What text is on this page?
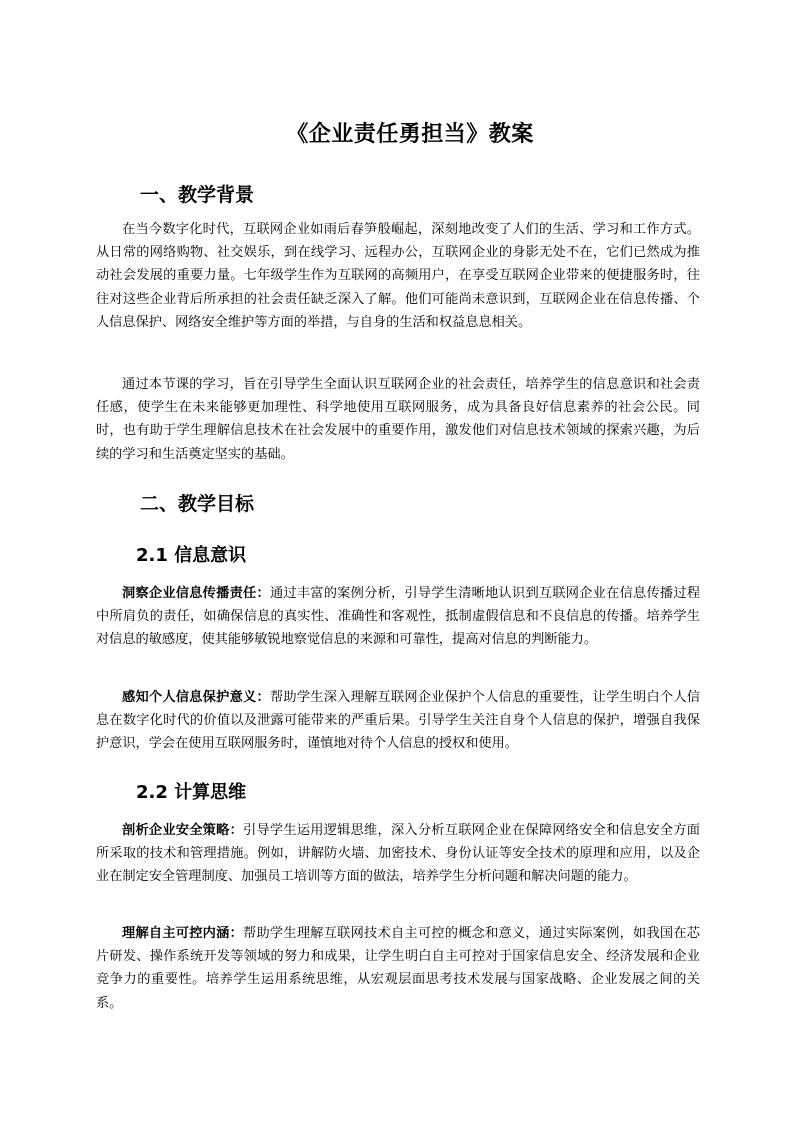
《企业责任勇担当》教案
一、教学背景
在当今数字化时代，互联网企业如雨后春笋般崛起，深刻地改变了人们的生活、学习和工作方式。从日常的网络购物、社交娱乐，到在线学习、远程办公，互联网企业的身影无处不在，它们已然成为推动社会发展的重要力量。七年级学生作为互联网的高频用户，在享受互联网企业带来的便捷服务时，往往对这些企业背后所承担的社会责任缺乏深入了解。他们可能尚未意识到，互联网企业在信息传播、个人信息保护、网络安全维护等方面的举措，与自身的生活和权益息息相关。
通过本节课的学习，旨在引导学生全面认识互联网企业的社会责任，培养学生的信息意识和社会责任感，使学生在未来能够更加理性、科学地使用互联网服务，成为具备良好信息素养的社会公民。同时，也有助于学生理解信息技术在社会发展中的重要作用，激发他们对信息技术领域的探索兴趣，为后续的学习和生活奠定坚实的基础。
二、教学目标
2.1 信息意识
洞察企业信息传播责任：通过丰富的案例分析，引导学生清晰地认识到互联网企业在信息传播过程中所肩负的责任，如确保信息的真实性、准确性和客观性，抵制虚假信息和不良信息的传播。培养学生对信息的敏感度，使其能够敏锐地察觉信息的来源和可靠性，提高对信息的判断能力。
感知个人信息保护意义：帮助学生深入理解互联网企业保护个人信息的重要性，让学生明白个人信息在数字化时代的价值以及泄露可能带来的严重后果。引导学生关注自身个人信息的保护，增强自我保护意识，学会在使用互联网服务时，谨慎地对待个人信息的授权和使用。
2.2 计算思维
剖析企业安全策略：引导学生运用逻辑思维，深入分析互联网企业在保障网络安全和信息安全方面所采取的技术和管理措施。例如，讲解防火墙、加密技术、身份认证等安全技术的原理和应用，以及企业在制定安全管理制度、加强员工培训等方面的做法，培养学生分析问题和解决问题的能力。
理解自主可控内涵：帮助学生理解互联网技术自主可控的概念和意义，通过实际案例，如我国在芯片研发、操作系统开发等领域的努力和成果，让学生明白自主可控对于国家信息安全、经济发展和企业竞争力的重要性。培养学生运用系统思维，从宏观层面思考技术发展与国家战略、企业发展之间的关系。
